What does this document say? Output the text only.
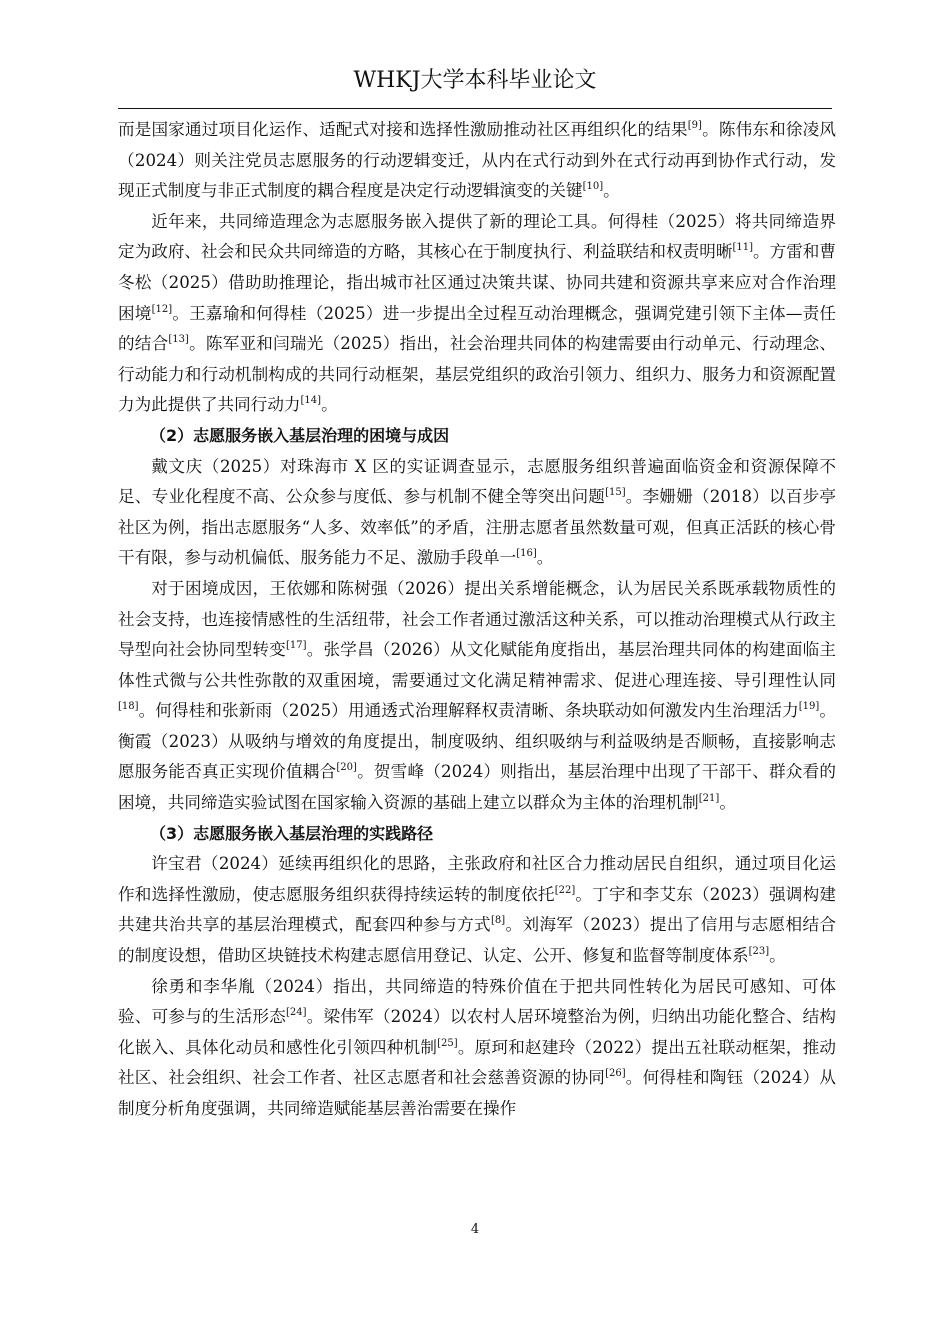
WHKJ大学本科毕业论文

而是国家通过项目化运作、适配式对接和选择性激励推动社区再组织化的结果[9]。陈伟东和徐凌风（2024）则关注党员志愿服务的行动逻辑变迁，从内在式行动到外在式行动再到协作式行动，发现正式制度与非正式制度的耦合程度是决定行动逻辑演变的关键[10]。

近年来，共同缔造理念为志愿服务嵌入提供了新的理论工具。何得桂（2025）将共同缔造界定为政府、社会和民众共同缔造的方略，其核心在于制度执行、利益联结和权责明晰[11]。方雷和曹冬松（2025）借助助推理论，指出城市社区通过决策共谋、协同共建和资源共享来应对合作治理困境[12]。王嘉瑜和何得桂（2025）进一步提出全过程互动治理概念，强调党建引领下主体—责任的结合[13]。陈军亚和闫瑞光（2025）指出，社会治理共同体的构建需要由行动单元、行动理念、行动能力和行动机制构成的共同行动框架，基层党组织的政治引领力、组织力、服务力和资源配置力为此提供了共同行动力[14]。

（2）志愿服务嵌入基层治理的困境与成因

戴文庆（2025）对珠海市 X 区的实证调查显示，志愿服务组织普遍面临资金和资源保障不足、专业化程度不高、公众参与度低、参与机制不健全等突出问题[15]。李姗姗（2018）以百步亭社区为例，指出志愿服务“人多、效率低”的矛盾，注册志愿者虽然数量可观，但真正活跃的核心骨干有限，参与动机偏低、服务能力不足、激励手段单一[16]。

对于困境成因，王依娜和陈树强（2026）提出关系增能概念，认为居民关系既承载物质性的社会支持，也连接情感性的生活纽带，社会工作者通过激活这种关系，可以推动治理模式从行政主导型向社会协同型转变[17]。张学昌（2026）从文化赋能角度指出，基层治理共同体的构建面临主体性式微与公共性弥散的双重困境，需要通过文化满足精神需求、促进心理连接、导引理性认同[18]。何得桂和张新雨（2025）用通透式治理解释权责清晰、条块联动如何激发内生治理活力[19]。衡霞（2023）从吸纳与增效的角度提出，制度吸纳、组织吸纳与利益吸纳是否顺畅，直接影响志愿服务能否真正实现价值耦合[20]。贺雪峰（2024）则指出，基层治理中出现了干部干、群众看的困境，共同缔造实验试图在国家输入资源的基础上建立以群众为主体的治理机制[21]。

（3）志愿服务嵌入基层治理的实践路径

许宝君（2024）延续再组织化的思路，主张政府和社区合力推动居民自组织，通过项目化运作和选择性激励，使志愿服务组织获得持续运转的制度依托[22]。丁宇和李艾东（2023）强调构建共建共治共享的基层治理模式，配套四种参与方式[8]。刘海军（2023）提出了信用与志愿相结合的制度设想，借助区块链技术构建志愿信用登记、认定、公开、修复和监督等制度体系[23]。

徐勇和李华胤（2024）指出，共同缔造的特殊价值在于把共同性转化为居民可感知、可体验、可参与的生活形态[24]。梁伟军（2024）以农村人居环境整治为例，归纳出功能化整合、结构化嵌入、具体化动员和感性化引领四种机制[25]。原珂和赵建玲（2022）提出五社联动框架，推动社区、社会组织、社会工作者、社区志愿者和社会慈善资源的协同[26]。何得桂和陶钰（2024）从制度分析角度强调，共同缔造赋能基层善治需要在操作

4
